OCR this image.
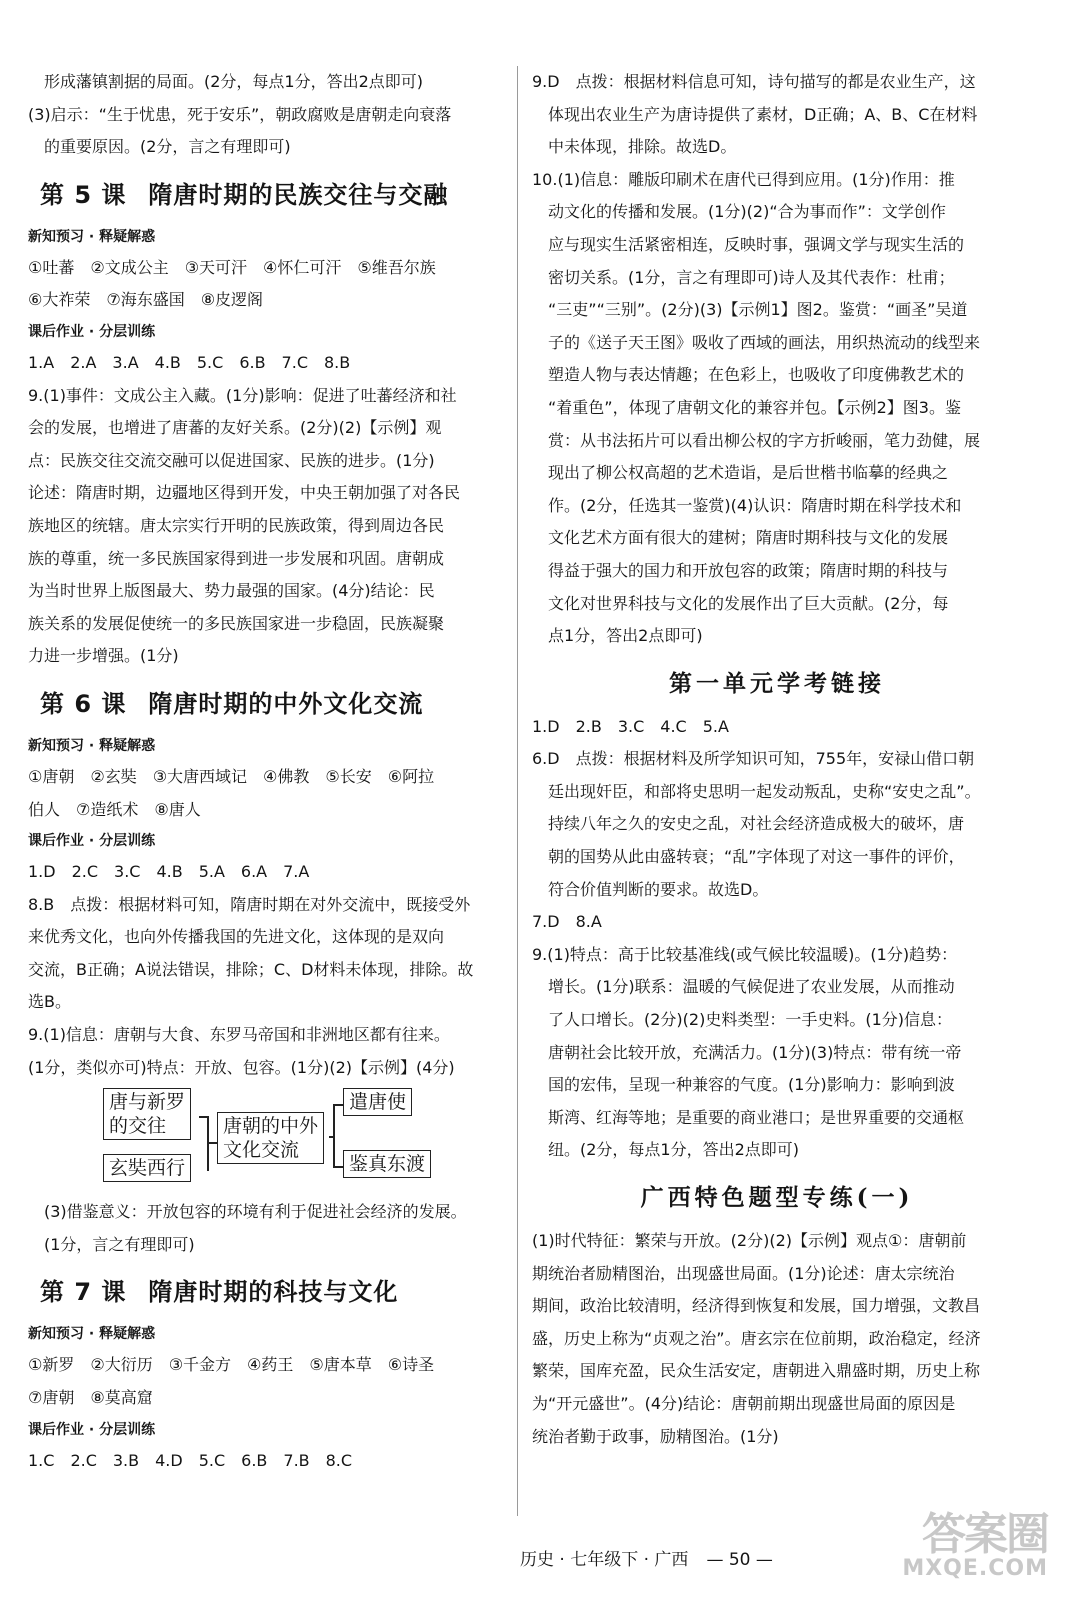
形成藩镇割据的局面。(2分，每点1分，答出2点即可)

(3)启示：“生于忧患，死于安乐”，朝政腐败是唐朝走向衰落

的重要原因。(2分，言之有理即可)

第 5 课 隋唐时期的民族交往与交融

新知预习 · 释疑解惑

①吐蕃　②文成公主　③天可汗　④怀仁可汗　⑤维吾尔族

⑥大祚荣　⑦海东盛国　⑧皮逻阁

课后作业 · 分层训练

1.A　2.A　3.A　4.B　5.C　6.B　7.C　8.B

9.(1)事件：文成公主入藏。(1分)影响：促进了吐蕃经济和社

会的发展，也增进了唐蕃的友好关系。(2分)(2)【示例】观

点：民族交往交流交融可以促进国家、民族的进步。(1分)

论述：隋唐时期，边疆地区得到开发，中央王朝加强了对各民

族地区的统辖。唐太宗实行开明的民族政策，得到周边各民

族的尊重，统一多民族国家得到进一步发展和巩固。唐朝成

为当时世界上版图最大、势力最强的国家。(4分)结论：民

族关系的发展促使统一的多民族国家进一步稳固，民族凝聚

力进一步增强。(1分)

第 6 课 隋唐时期的中外文化交流

新知预习 · 释疑解惑

①唐朝　②玄奘　③大唐西域记　④佛教　⑤长安　⑥阿拉

伯人　⑦造纸术　⑧唐人

课后作业 · 分层训练

1.D　2.C　3.C　4.B　5.A　6.A　7.A

8.B　点拨：根据材料可知，隋唐时期在对外交流中，既接受外

来优秀文化，也向外传播我国的先进文化，这体现的是双向

交流，B正确；A说法错误，排除；C、D材料未体现，排除。故

选B。

9.(1)信息：唐朝与大食、东罗马帝国和非洲地区都有往来。

(1分，类似亦可)特点：开放、包容。(1分)(2)【示例】(4分)

唐与新罗
的交往
玄奘西行
唐朝的中外
文化交流
遣唐使
鉴真东渡

(3)借鉴意义：开放包容的环境有利于促进社会经济的发展。

(1分，言之有理即可)

第 7 课 隋唐时期的科技与文化

新知预习 · 释疑解惑

①新罗　②大衍历　③千金方　④药王　⑤唐本草　⑥诗圣

⑦唐朝　⑧莫高窟

课后作业 · 分层训练

1.C　2.C　3.B　4.D　5.C　6.B　7.B　8.C

9.D　点拨：根据材料信息可知，诗句描写的都是农业生产，这

体现出农业生产为唐诗提供了素材，D正确；A、B、C在材料

中未体现，排除。故选D。

10.(1)信息：雕版印刷术在唐代已得到应用。(1分)作用：推

动文化的传播和发展。(1分)(2)“合为事而作”：文学创作

应与现实生活紧密相连，反映时事，强调文学与现实生活的

密切关系。(1分，言之有理即可)诗人及其代表作：杜甫；

“三吏”“三别”。(2分)(3)【示例1】图2。鉴赏：“画圣”吴道

子的《送子天王图》吸收了西域的画法，用织热流动的线型来

塑造人物与表达情趣；在色彩上，也吸收了印度佛教艺术的

“着重色”，体现了唐朝文化的兼容并包。【示例2】图3。鉴

赏：从书法拓片可以看出柳公权的字方折峻丽，笔力劲健，展

现出了柳公权高超的艺术造诣，是后世楷书临摹的经典之

作。(2分，任选其一鉴赏)(4)认识：隋唐时期在科学技术和

文化艺术方面有很大的建树；隋唐时期科技与文化的发展

得益于强大的国力和开放包容的政策；隋唐时期的科技与

文化对世界科技与文化的发展作出了巨大贡献。(2分，每

点1分，答出2点即可)

第一单元学考链接

1.D　2.B　3.C　4.C　5.A

6.D　点拨：根据材料及所学知识可知，755年，安禄山借口朝

廷出现奸臣，和部将史思明一起发动叛乱，史称“安史之乱”。

持续八年之久的安史之乱，对社会经济造成极大的破坏，唐

朝的国势从此由盛转衰；“乱”字体现了对这一事件的评价，

符合价值判断的要求。故选D。

7.D　8.A

9.(1)特点：高于比较基准线(或气候比较温暖)。(1分)趋势：

增长。(1分)联系：温暖的气候促进了农业发展，从而推动

了人口增长。(2分)(2)史料类型：一手史料。(1分)信息：

唐朝社会比较开放，充满活力。(1分)(3)特点：带有统一帝

国的宏伟，呈现一种兼容的气度。(1分)影响力：影响到波

斯湾、红海等地；是重要的商业港口；是世界重要的交通枢

纽。(2分，每点1分，答出2点即可)

广西特色题型专练(一)

(1)时代特征：繁荣与开放。(2分)(2)【示例】观点①：唐朝前

期统治者励精图治，出现盛世局面。(1分)论述：唐太宗统治

期间，政治比较清明，经济得到恢复和发展，国力增强，文教昌

盛，历史上称为“贞观之治”。唐玄宗在位前期，政治稳定，经济

繁荣，国库充盈，民众生活安定，唐朝进入鼎盛时期，历史上称

为“开元盛世”。(4分)结论：唐朝前期出现盛世局面的原因是

统治者勤于政事，励精图治。(1分)

历史 · 七年级下 · 广西 — 50 —	答案圈
MXQE.COM
